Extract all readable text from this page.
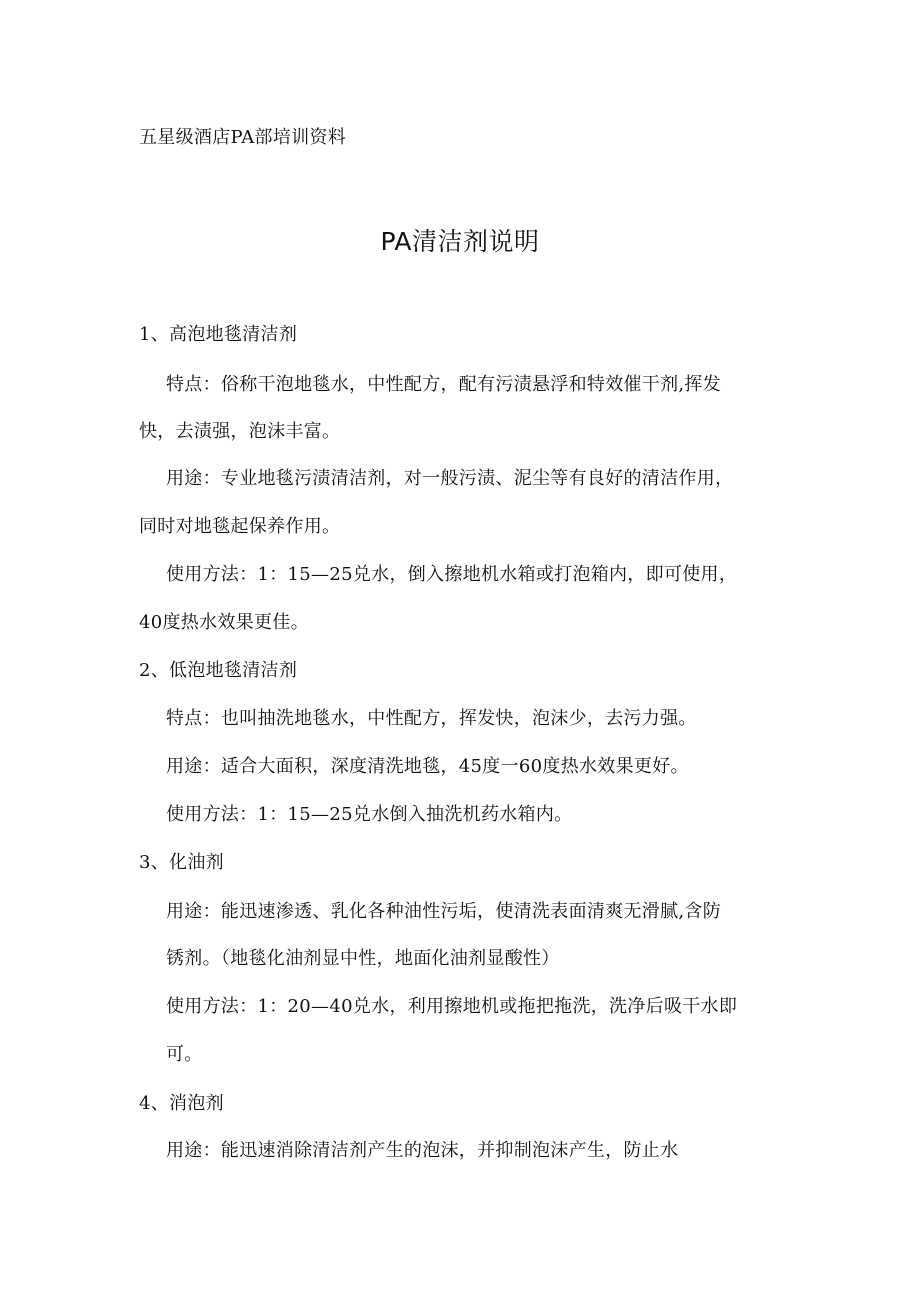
五星级酒店PA部培训资料
PA清洁剂说明
1、高泡地毯清洁剂
特点：俗称干泡地毯水，中性配方，配有污渍悬浮和特效催干剂,挥发
快，去渍强，泡沫丰富。
用途：专业地毯污渍清洁剂，对一般污渍、泥尘等有良好的清洁作用，
同时对地毯起保养作用。
使用方法：1：15—25兑水，倒入擦地机水箱或打泡箱内，即可使用，
40度热水效果更佳。
2、低泡地毯清洁剂
特点：也叫抽洗地毯水，中性配方，挥发快，泡沫少，去污力强。
用途：适合大面积，深度清洗地毯，45度一60度热水效果更好。
使用方法：1：15—25兑水倒入抽洗机药水箱内。
3、化油剂
用途：能迅速渗透、乳化各种油性污垢，使清洗表面清爽无滑腻,含防
锈剂。（地毯化油剂显中性，地面化油剂显酸性）
使用方法：1：20—40兑水，利用擦地机或拖把拖洗，洗净后吸干水即
可。
4、消泡剂
用途：能迅速消除清洁剂产生的泡沫，并抑制泡沫产生，防止水
